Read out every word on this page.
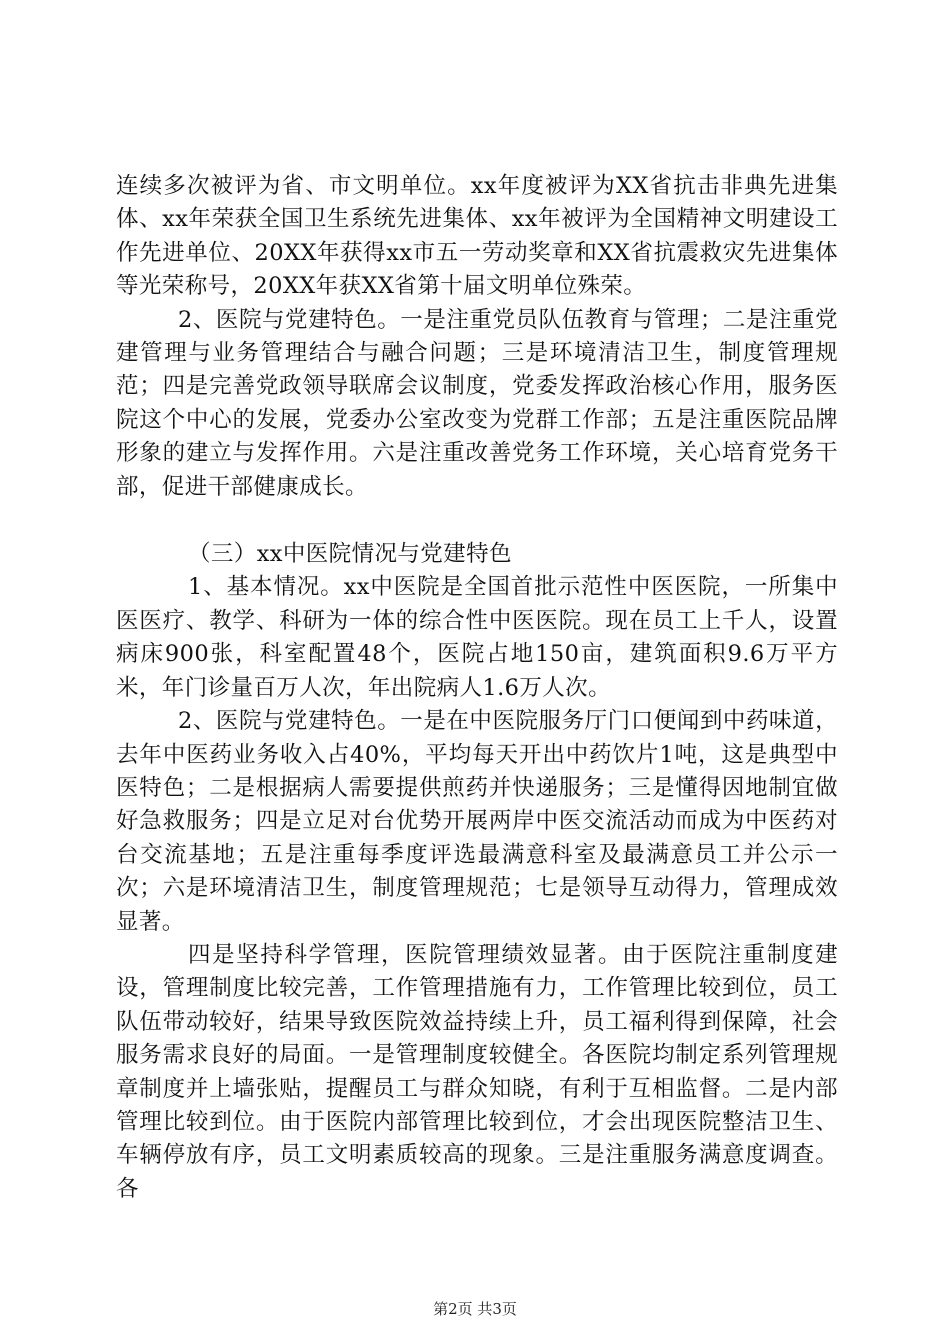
连续多次被评为省、市文明单位。xx年度被评为XX省抗击非典先进集体、xx年荣获全国卫生系统先进集体、xx年被评为全国精神文明建设工作先进单位、20XX年获得xx市五一劳动奖章和XX省抗震救灾先进集体等光荣称号，20XX年获XX省第十届文明单位殊荣。

2、医院与党建特色。一是注重党员队伍教育与管理；二是注重党建管理与业务管理结合与融合问题；三是环境清洁卫生，制度管理规范；四是完善党政领导联席会议制度，党委发挥政治核心作用，服务医院这个中心的发展，党委办公室改变为党群工作部；五是注重医院品牌形象的建立与发挥作用。六是注重改善党务工作环境，关心培育党务干部，促进干部健康成长。

（三）xx中医院情况与党建特色

1、基本情况。xx中医院是全国首批示范性中医医院，一所集中医医疗、教学、科研为一体的综合性中医医院。现在员工上千人，设置病床900张，科室配置48个，医院占地150亩，建筑面积9.6万平方米，年门诊量百万人次，年出院病人1.6万人次。

2、医院与党建特色。一是在中医院服务厅门口便闻到中药味道，去年中医药业务收入占40%，平均每天开出中药饮片1吨，这是典型中医特色；二是根据病人需要提供煎药并快递服务；三是懂得因地制宜做好急救服务；四是立足对台优势开展两岸中医交流活动而成为中医药对台交流基地；五是注重每季度评选最满意科室及最满意员工并公示一次；六是环境清洁卫生，制度管理规范；七是领导互动得力，管理成效显著。

四是坚持科学管理，医院管理绩效显著。由于医院注重制度建设，管理制度比较完善，工作管理措施有力，工作管理比较到位，员工队伍带动较好，结果导致医院效益持续上升，员工福利得到保障，社会服务需求良好的局面。一是管理制度较健全。各医院均制定系列管理规章制度并上墙张贴，提醒员工与群众知晓，有利于互相监督。二是内部管理比较到位。由于医院内部管理比较到位，才会出现医院整洁卫生、车辆停放有序，员工文明素质较高的现象。三是注重服务满意度调查。各

第2页 共3页
